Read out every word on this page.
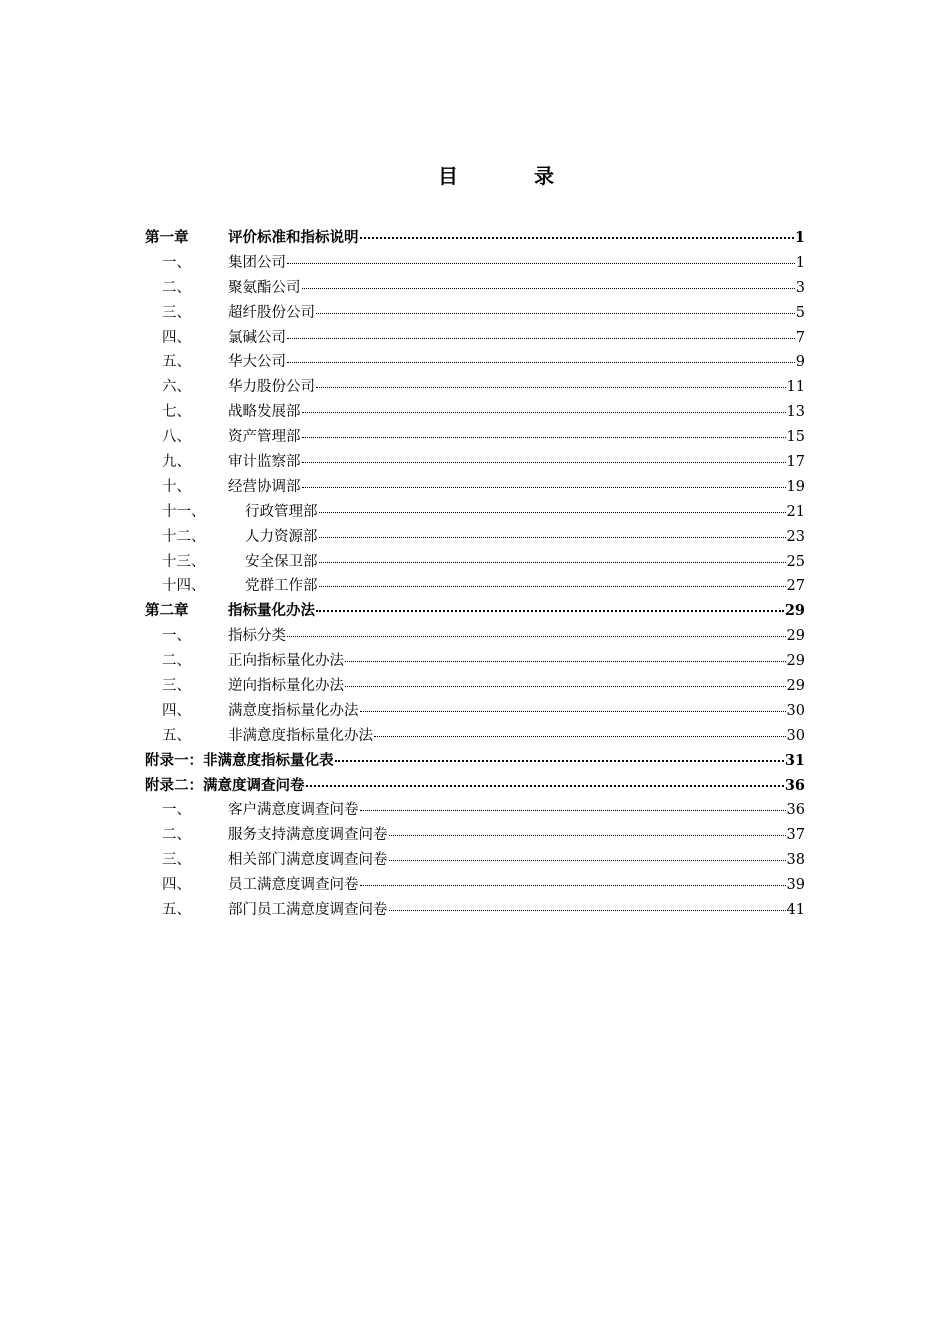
目　录
第一章	评价标准和指标说明	1
一、	集团公司	1
二、	聚氨酯公司	3
三、	超纤股份公司	5
四、	氯碱公司	7
五、	华大公司	9
六、	华力股份公司	11
七、	战略发展部	13
八、	资产管理部	15
九、	审计监察部	17
十、	经营协调部	19
十一、	行政管理部	21
十二、	人力资源部	23
十三、	安全保卫部	25
十四、	党群工作部	27
第二章	指标量化办法	29
一、	指标分类	29
二、	正向指标量化办法	29
三、	逆向指标量化办法	29
四、	满意度指标量化办法	30
五、	非满意度指标量化办法	30
附录一：非满意度指标量化表	31
附录二：满意度调查问卷	36
一、	客户满意度调查问卷	36
二、	服务支持满意度调查问卷	37
三、	相关部门满意度调查问卷	38
四、	员工满意度调查问卷	39
五、	部门员工满意度调查问卷	41
